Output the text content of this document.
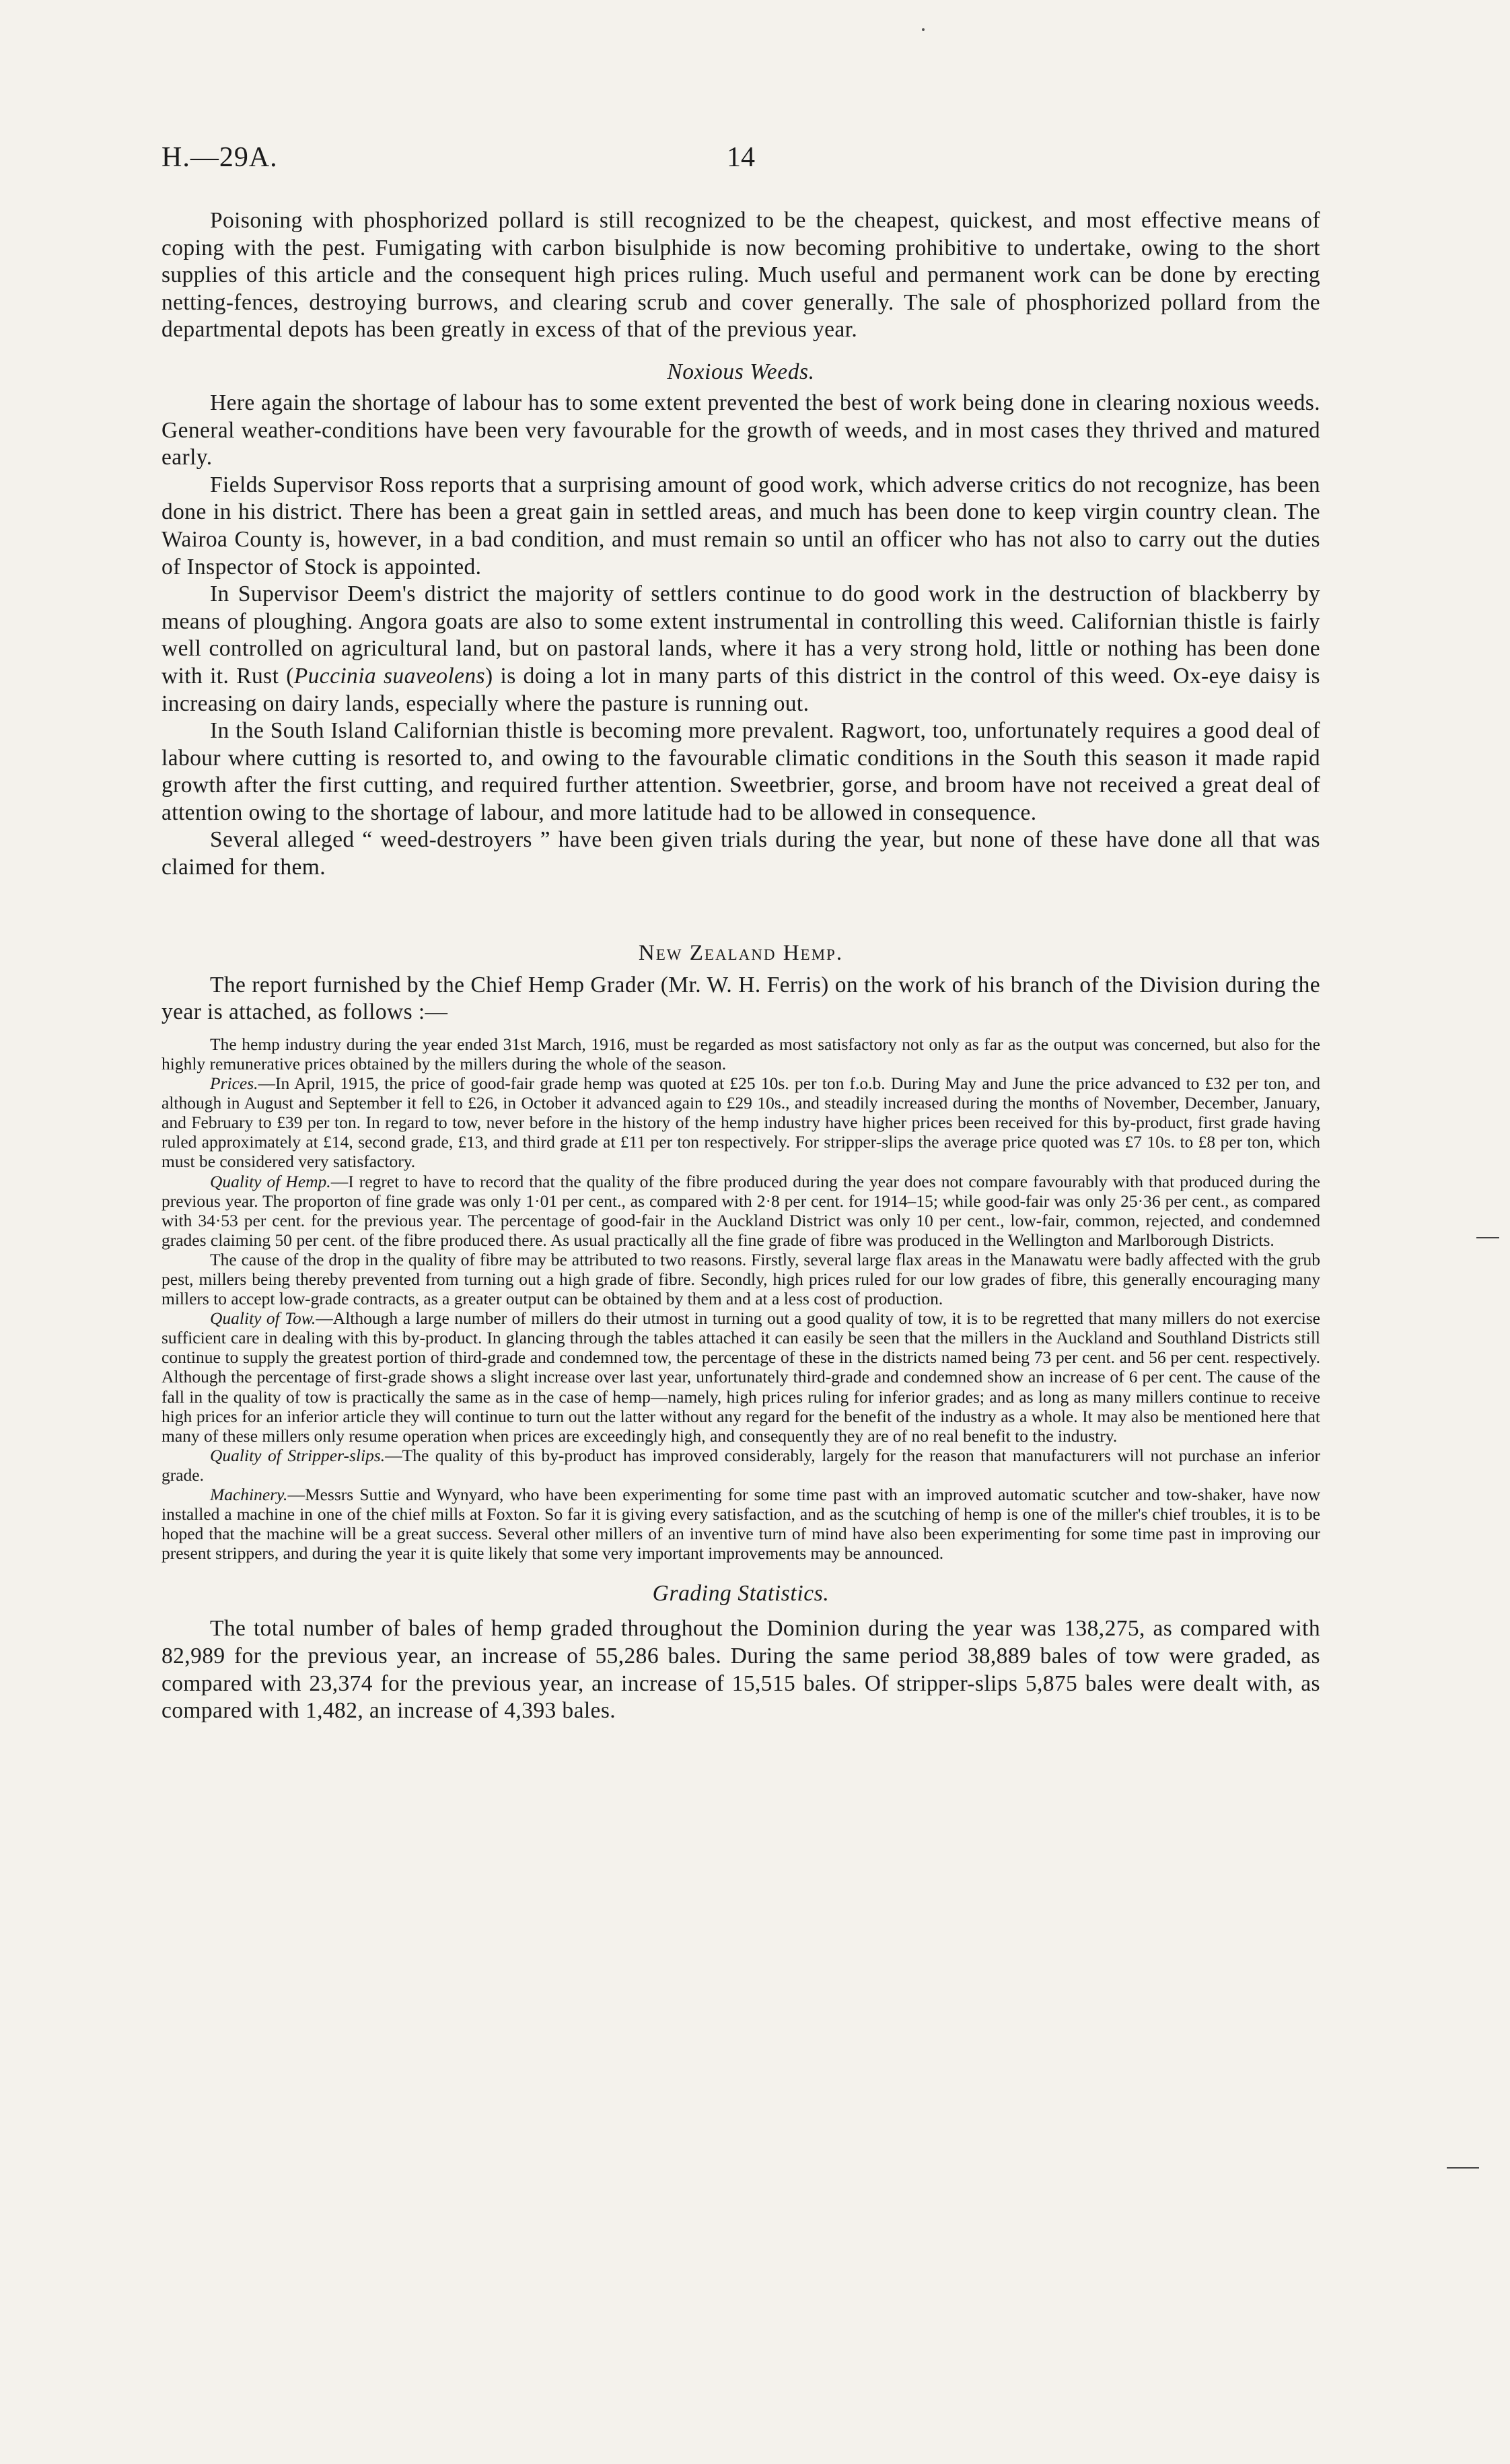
H.—29A.	14

Poisoning with phosphorized pollard is still recognized to be the cheapest, quickest, and most effective means of coping with the pest. Fumigating with carbon bisulphide is now becoming prohibitive to undertake, owing to the short supplies of this article and the consequent high prices ruling. Much useful and permanent work can be done by erecting netting-fences, destroying burrows, and clearing scrub and cover generally. The sale of phosphorized pollard from the departmental depots has been greatly in excess of that of the previous year.

Noxious Weeds.

Here again the shortage of labour has to some extent prevented the best of work being done in clearing noxious weeds. General weather-conditions have been very favourable for the growth of weeds, and in most cases they thrived and matured early.

Fields Supervisor Ross reports that a surprising amount of good work, which adverse critics do not recognize, has been done in his district. There has been a great gain in settled areas, and much has been done to keep virgin country clean. The Wairoa County is, however, in a bad condition, and must remain so until an officer who has not also to carry out the duties of Inspector of Stock is appointed.

In Supervisor Deem's district the majority of settlers continue to do good work in the destruction of blackberry by means of ploughing. Angora goats are also to some extent instrumental in controlling this weed. Californian thistle is fairly well controlled on agricultural land, but on pastoral lands, where it has a very strong hold, little or nothing has been done with it. Rust (Puccinia suaveolens) is doing a lot in many parts of this district in the control of this weed. Ox-eye daisy is increasing on dairy lands, especially where the pasture is running out.

In the South Island Californian thistle is becoming more prevalent. Ragwort, too, unfortunately requires a good deal of labour where cutting is resorted to, and owing to the favourable climatic conditions in the South this season it made rapid growth after the first cutting, and required further attention. Sweetbrier, gorse, and broom have not received a great deal of attention owing to the shortage of labour, and more latitude had to be allowed in consequence.

Several alleged “ weed-destroyers ” have been given trials during the year, but none of these have done all that was claimed for them.

New Zealand Hemp.

The report furnished by the Chief Hemp Grader (Mr. W. H. Ferris) on the work of his branch of the Division during the year is attached, as follows :—

The hemp industry during the year ended 31st March, 1916, must be regarded as most satisfactory not only as far as the output was concerned, but also for the highly remunerative prices obtained by the millers during the whole of the season.

Prices.—In April, 1915, the price of good-fair grade hemp was quoted at £25 10s. per ton f.o.b. During May and June the price advanced to £32 per ton, and although in August and September it fell to £26, in October it advanced again to £29 10s., and steadily increased during the months of November, December, January, and February to £39 per ton. In regard to tow, never before in the history of the hemp industry have higher prices been received for this by-product, first grade having ruled approximately at £14, second grade, £13, and third grade at £11 per ton respectively. For stripper-slips the average price quoted was £7 10s. to £8 per ton, which must be considered very satisfactory.

Quality of Hemp.—I regret to have to record that the quality of the fibre produced during the year does not compare favourably with that produced during the previous year. The proporton of fine grade was only 1·01 per cent., as compared with 2·8 per cent. for 1914–15; while good-fair was only 25·36 per cent., as compared with 34·53 per cent. for the previous year. The percentage of good-fair in the Auckland District was only 10 per cent., low-fair, common, rejected, and condemned grades claiming 50 per cent. of the fibre produced there. As usual practically all the fine grade of fibre was produced in the Wellington and Marlborough Districts.

The cause of the drop in the quality of fibre may be attributed to two reasons. Firstly, several large flax areas in the Manawatu were badly affected with the grub pest, millers being thereby prevented from turning out a high grade of fibre. Secondly, high prices ruled for our low grades of fibre, this generally encouraging many millers to accept low-grade contracts, as a greater output can be obtained by them and at a less cost of production.

Quality of Tow.—Although a large number of millers do their utmost in turning out a good quality of tow, it is to be regretted that many millers do not exercise sufficient care in dealing with this by-product. In glancing through the tables attached it can easily be seen that the millers in the Auckland and Southland Districts still continue to supply the greatest portion of third-grade and condemned tow, the percentage of these in the districts named being 73 per cent. and 56 per cent. respectively. Although the percentage of first-grade shows a slight increase over last year, unfortunately third-grade and condemned show an increase of 6 per cent. The cause of the fall in the quality of tow is practically the same as in the case of hemp—namely, high prices ruling for inferior grades; and as long as many millers continue to receive high prices for an inferior article they will continue to turn out the latter without any regard for the benefit of the industry as a whole. It may also be mentioned here that many of these millers only resume operation when prices are exceedingly high, and consequently they are of no real benefit to the industry.

Quality of Stripper-slips.—The quality of this by-product has improved considerably, largely for the reason that manufacturers will not purchase an inferior grade.

Machinery.—Messrs Suttie and Wynyard, who have been experimenting for some time past with an improved automatic scutcher and tow-shaker, have now installed a machine in one of the chief mills at Foxton. So far it is giving every satisfaction, and as the scutching of hemp is one of the miller's chief troubles, it is to be hoped that the machine will be a great success. Several other millers of an inventive turn of mind have also been experimenting for some time past in improving our present strippers, and during the year it is quite likely that some very important improvements may be announced.

Grading Statistics.

The total number of bales of hemp graded throughout the Dominion during the year was 138,275, as compared with 82,989 for the previous year, an increase of 55,286 bales. During the same period 38,889 bales of tow were graded, as compared with 23,374 for the previous year, an increase of 15,515 bales. Of stripper-slips 5,875 bales were dealt with, as compared with 1,482, an increase of 4,393 bales.
